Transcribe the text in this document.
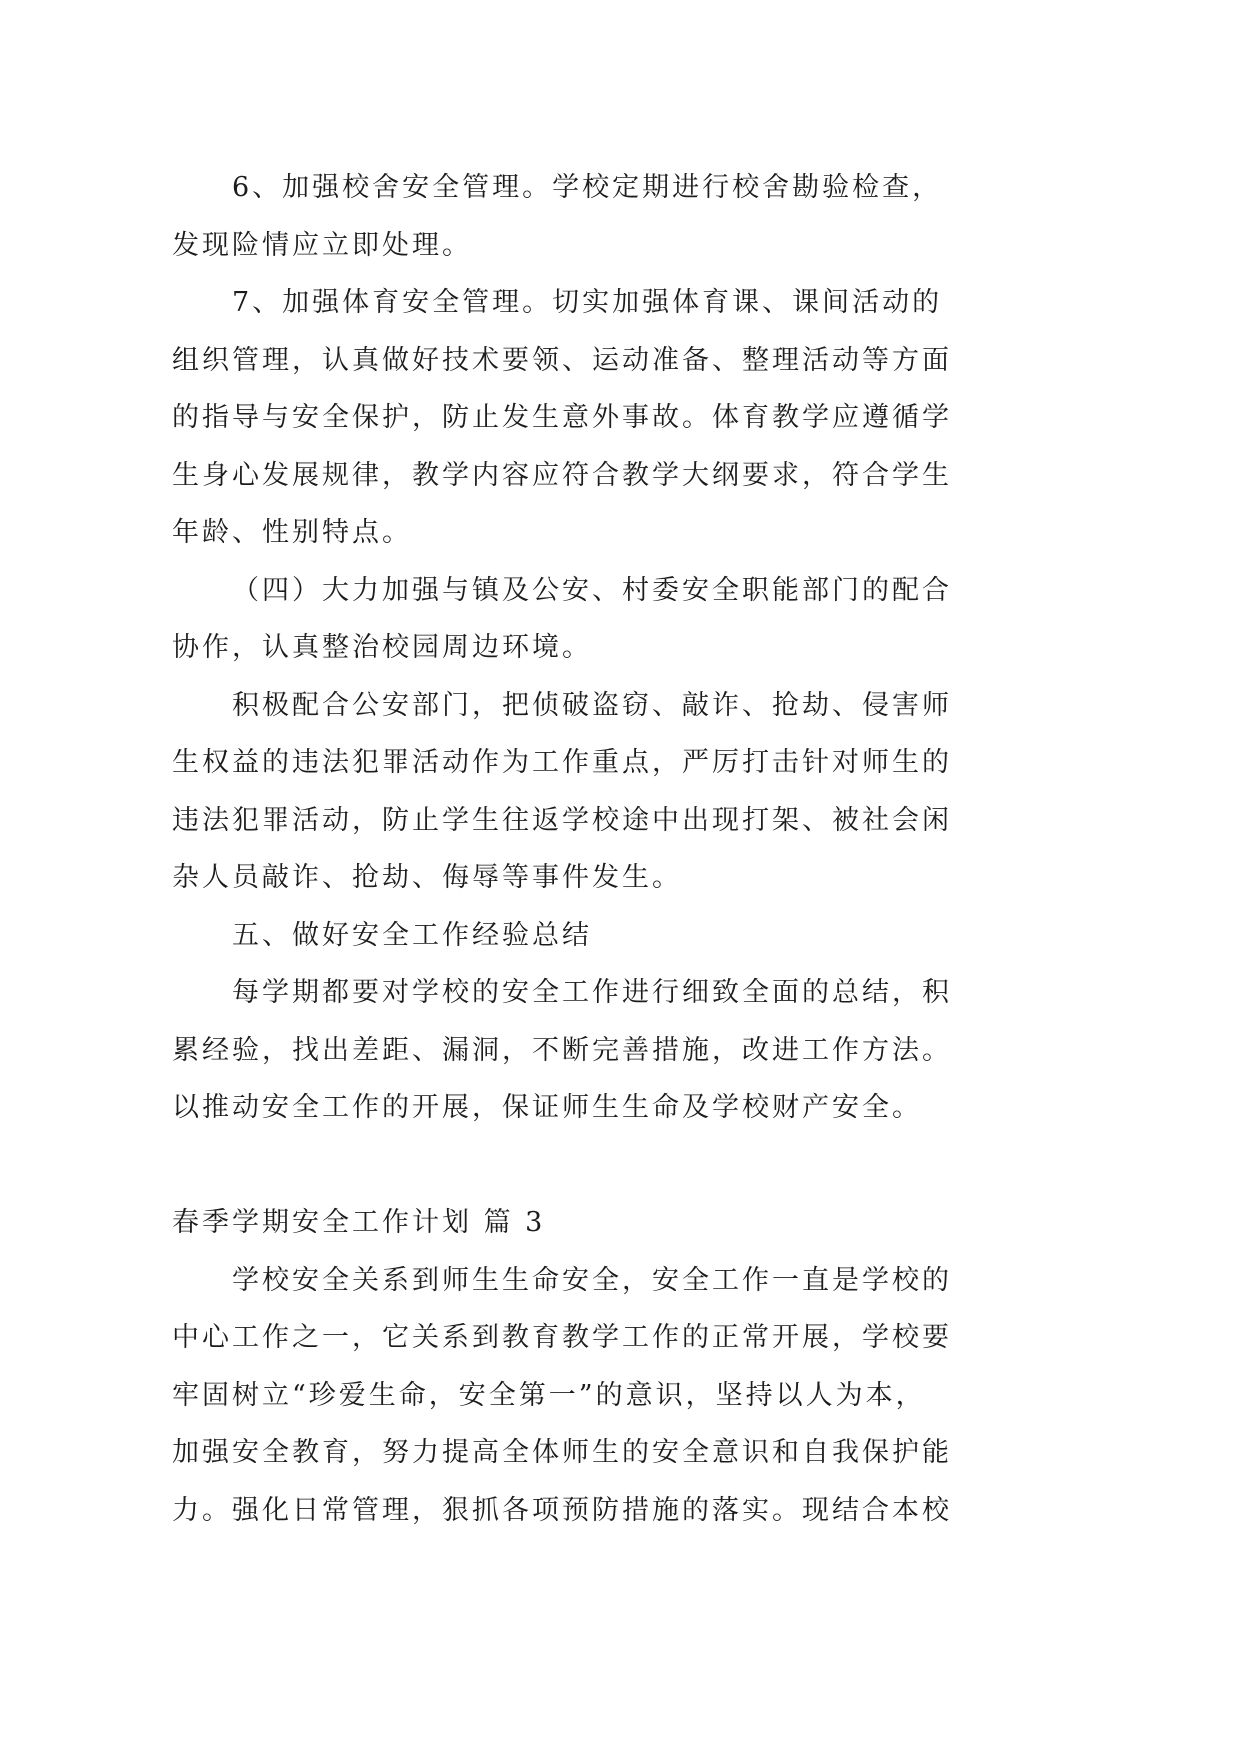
6、加强校舍安全管理。学校定期进行校舍勘验检查，
发现险情应立即处理。
7、加强体育安全管理。切实加强体育课、课间活动的
组织管理，认真做好技术要领、运动准备、整理活动等方面
的指导与安全保护，防止发生意外事故。体育教学应遵循学
生身心发展规律，教学内容应符合教学大纲要求，符合学生
年龄、性别特点。
（四）大力加强与镇及公安、村委安全职能部门的配合
协作，认真整治校园周边环境。
积极配合公安部门，把侦破盗窃、敲诈、抢劫、侵害师
生权益的违法犯罪活动作为工作重点，严厉打击针对师生的
违法犯罪活动，防止学生往返学校途中出现打架、被社会闲
杂人员敲诈、抢劫、侮辱等事件发生。
五、做好安全工作经验总结
每学期都要对学校的安全工作进行细致全面的总结，积
累经验，找出差距、漏洞，不断完善措施，改进工作方法。
以推动安全工作的开展，保证师生生命及学校财产安全。
春季学期安全工作计划 篇 3
学校安全关系到师生生命安全，安全工作一直是学校的
中心工作之一，它关系到教育教学工作的正常开展，学校要
牢固树立“珍爱生命，安全第一”的意识，坚持以人为本，
加强安全教育，努力提高全体师生的安全意识和自我保护能
力。强化日常管理，狠抓各项预防措施的落实。现结合本校
